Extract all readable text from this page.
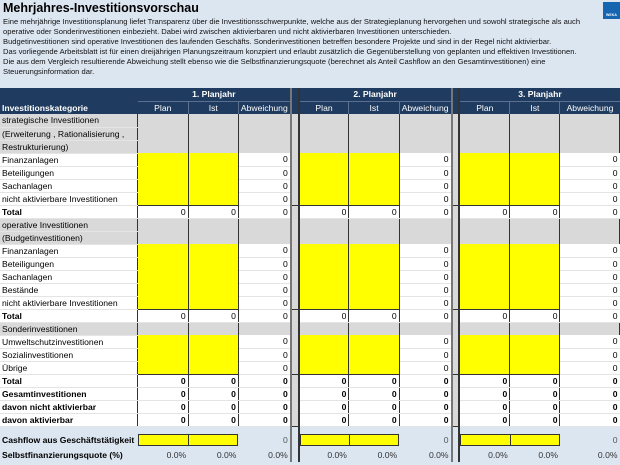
Mehrjahres-Investitionsvorschau
Eine mehrjährige Investitionsplanung liefet Transparenz über die Investitionsschwerpunkte, welche aus der Strategieplanung hervorgehen und sowohl strategische als auch
operative oder Sonderinvestitionen einbezieht. Dabei wird zwischen aktivierbaren und nicht aktivierbaren Investitionen unterschieden.
Budgetinvestitionen sind operative Investitionen des laufenden Geschäfts. Sonderinvestitionen betreffen besondere Projekte und sind in der Regel nicht aktivierbar.
Das vorliegende Arbeitsblatt ist für einen dreijährigen Planungszeitraum konzpiert und erlaubt zusätzlich die Gegenüberstellung von geplanten und effektiven Investitionen.
Die aus dem Vergleich resultierende Abweichung stellt ebenso wie die Selbstfinanzierungsquote (berechnet als Anteil Cashflow an den Gesamtinvestitionen) eine
Steuerungsinformation dar.
WEKA
Investitionskategorie	1. Planjahr				2. Planjahr				3. Planjahr		
	Plan	Ist	Abweichung		Plan	Ist	Abweichung		Plan	Ist	Abweichung
strategische Investitionen											
(Erweiterung , Rationalisierung ,											
Restrukturierung)											
Finanzanlagen			0				0				0
Beteiligungen			0				0				0
Sachanlagen			0				0				0
nicht aktivierbare Investitionen			0				0				0
Total	0	0	0		0	0	0		0	0	0
operative Investitionen											
(Budgetinvestitionen)											
Finanzanlagen			0				0				0
Beteiligungen			0				0				0
Sachanlagen			0				0				0
Bestände			0				0				0
nicht aktivierbare Investitionen			0				0				0
Total	0	0	0		0	0	0		0	0	0
Sonderinvestitionen											
Umweltschutzinvestitionen			0				0				0
Sozialinvestitionen			0				0				0
Übrige			0				0				0
Total	0	0	0		0	0	0		0	0	0
Gesamtinvestitionen	0	0	0		0	0	0		0	0	0
davon nicht aktivierbar	0	0	0		0	0	0		0	0	0
davon aktivierbar	0	0	0		0	0	0		0	0	0

Cashflow aus Geschäftstätigkeit			0				0				0
Selbstfinanzierungsquote (%)	0.0%	0.0%	0.0%		0.0%	0.0%	0.0%		0.0%	0.0%	0.0%
